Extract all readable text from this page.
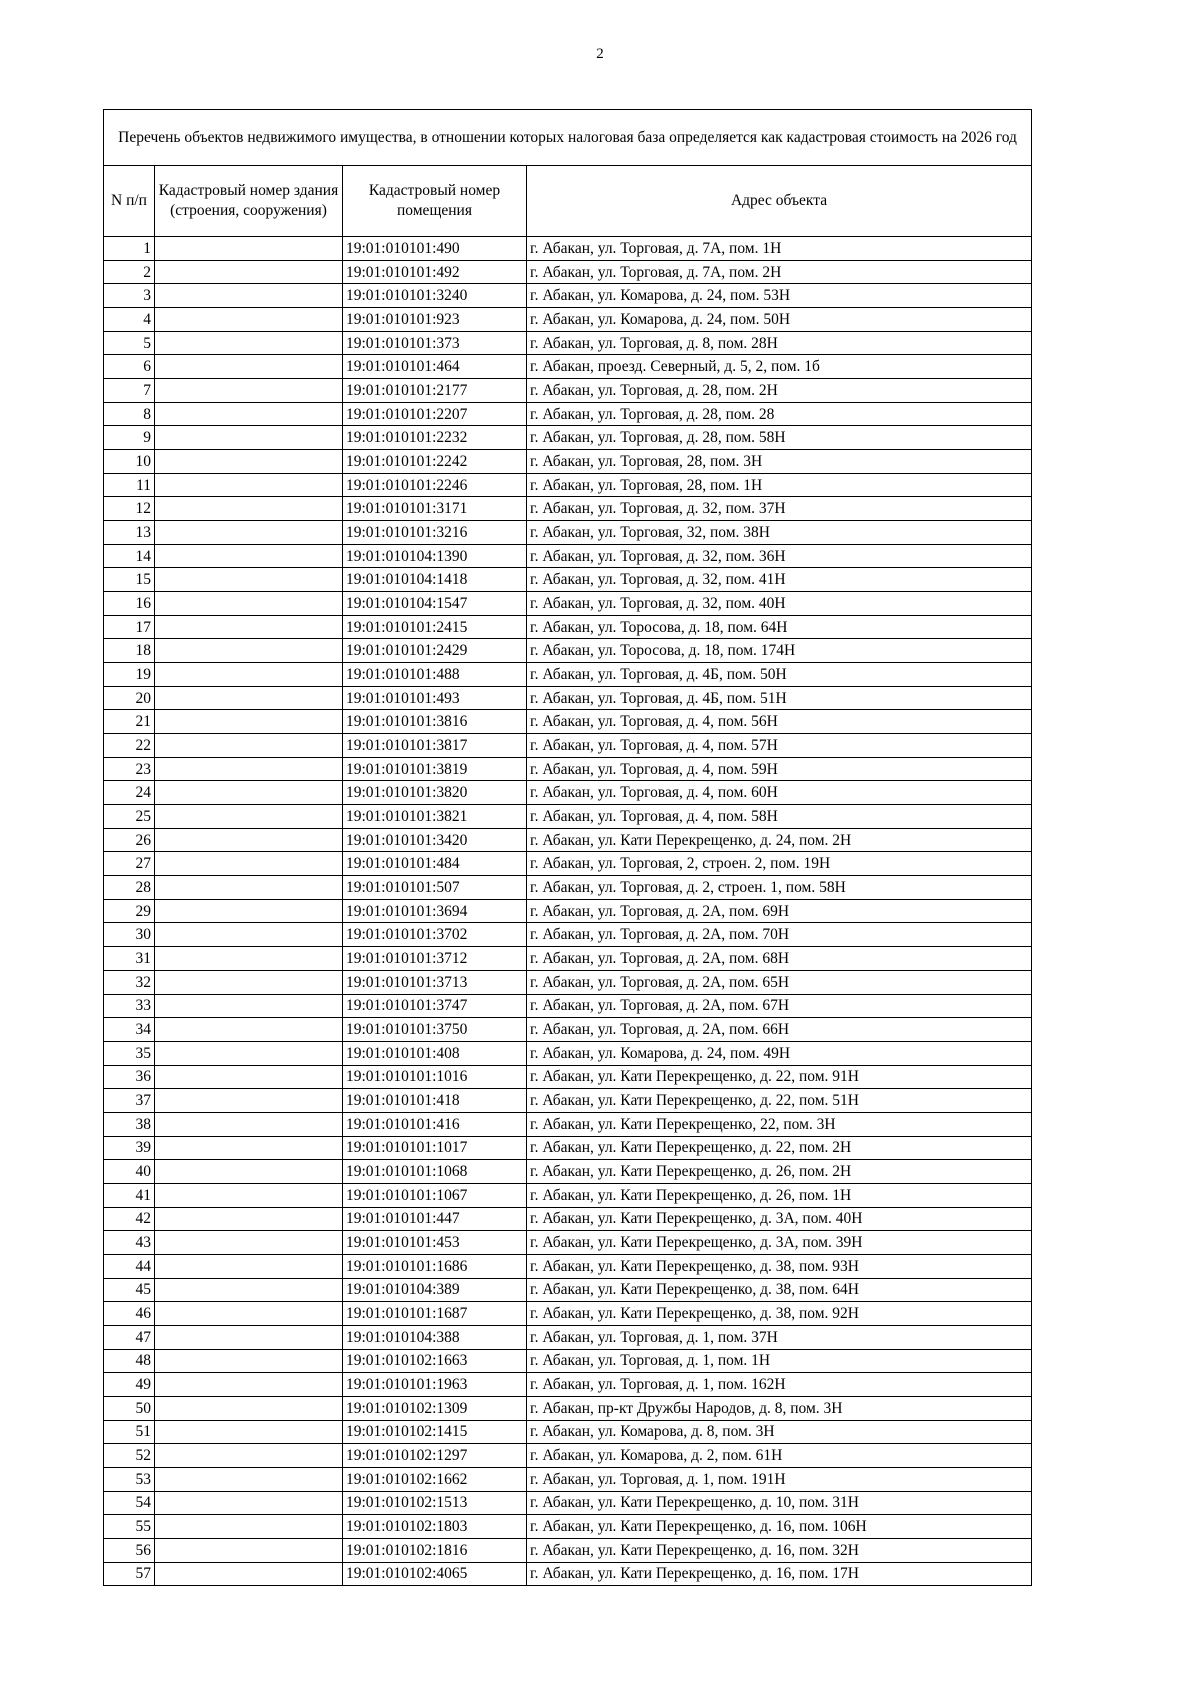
2
Перечень объектов недвижимого имущества, в отношении которых налоговая база определяется как кадастровая стоимость на 2026 год			
N п/п	Кадастровый номер здания (строения, сооружения)	Кадастровый номер помещения	Адрес объекта
1		19:01:010101:490	г. Абакан, ул. Торговая, д. 7А, пом. 1Н
2		19:01:010101:492	г. Абакан, ул. Торговая, д. 7А, пом. 2Н
3		19:01:010101:3240	г. Абакан, ул. Комарова, д. 24, пом. 53Н
4		19:01:010101:923	г. Абакан, ул. Комарова, д. 24, пом. 50Н
5		19:01:010101:373	г. Абакан, ул. Торговая, д. 8, пом. 28Н
6		19:01:010101:464	г. Абакан, проезд. Северный, д. 5, 2, пом. 1б
7		19:01:010101:2177	г. Абакан, ул. Торговая, д. 28, пом. 2Н
8		19:01:010101:2207	г. Абакан, ул. Торговая, д. 28, пом. 28
9		19:01:010101:2232	г. Абакан, ул. Торговая, д. 28, пом. 58Н
10		19:01:010101:2242	г. Абакан, ул. Торговая, 28, пом. 3Н
11		19:01:010101:2246	г. Абакан, ул. Торговая, 28, пом. 1Н
12		19:01:010101:3171	г. Абакан, ул. Торговая, д. 32, пом. 37Н
13		19:01:010101:3216	г. Абакан, ул. Торговая, 32, пом. 38Н
14		19:01:010104:1390	г. Абакан, ул. Торговая, д. 32, пом. 36Н
15		19:01:010104:1418	г. Абакан, ул. Торговая, д. 32, пом. 41Н
16		19:01:010104:1547	г. Абакан, ул. Торговая, д. 32, пом. 40Н
17		19:01:010101:2415	г. Абакан, ул. Торосова, д. 18, пом. 64Н
18		19:01:010101:2429	г. Абакан, ул. Торосова, д. 18, пом. 174Н
19		19:01:010101:488	г. Абакан, ул. Торговая, д. 4Б, пом. 50Н
20		19:01:010101:493	г. Абакан, ул. Торговая, д. 4Б, пом. 51Н
21		19:01:010101:3816	г. Абакан, ул. Торговая, д. 4, пом. 56Н
22		19:01:010101:3817	г. Абакан, ул. Торговая, д. 4, пом. 57Н
23		19:01:010101:3819	г. Абакан, ул. Торговая, д. 4, пом. 59Н
24		19:01:010101:3820	г. Абакан, ул. Торговая, д. 4, пом. 60Н
25		19:01:010101:3821	г. Абакан, ул. Торговая, д. 4, пом. 58Н
26		19:01:010101:3420	г. Абакан, ул. Кати Перекрещенко, д. 24, пом. 2Н
27		19:01:010101:484	г. Абакан, ул. Торговая, 2, строен. 2, пом. 19Н
28		19:01:010101:507	г. Абакан, ул. Торговая, д. 2, строен. 1, пом. 58Н
29		19:01:010101:3694	г. Абакан, ул. Торговая, д. 2А, пом. 69Н
30		19:01:010101:3702	г. Абакан, ул. Торговая, д. 2А, пом. 70Н
31		19:01:010101:3712	г. Абакан, ул. Торговая, д. 2А, пом. 68Н
32		19:01:010101:3713	г. Абакан, ул. Торговая, д. 2А, пом. 65Н
33		19:01:010101:3747	г. Абакан, ул. Торговая, д. 2А, пом. 67Н
34		19:01:010101:3750	г. Абакан, ул. Торговая, д. 2А, пом. 66Н
35		19:01:010101:408	г. Абакан, ул. Комарова, д. 24, пом. 49Н
36		19:01:010101:1016	г. Абакан, ул. Кати Перекрещенко, д. 22, пом. 91Н
37		19:01:010101:418	г. Абакан, ул. Кати Перекрещенко, д. 22, пом. 51Н
38		19:01:010101:416	г. Абакан, ул. Кати Перекрещенко, 22, пом. 3Н
39		19:01:010101:1017	г. Абакан, ул. Кати Перекрещенко, д. 22, пом. 2Н
40		19:01:010101:1068	г. Абакан, ул. Кати Перекрещенко, д. 26, пом. 2Н
41		19:01:010101:1067	г. Абакан, ул. Кати Перекрещенко, д. 26, пом. 1Н
42		19:01:010101:447	г. Абакан, ул. Кати Перекрещенко, д. 3А, пом. 40Н
43		19:01:010101:453	г. Абакан, ул. Кати Перекрещенко, д. 3А, пом. 39Н
44		19:01:010101:1686	г. Абакан, ул. Кати Перекрещенко, д. 38, пом. 93Н
45		19:01:010104:389	г. Абакан, ул. Кати Перекрещенко, д. 38, пом. 64Н
46		19:01:010101:1687	г. Абакан, ул. Кати Перекрещенко, д. 38, пом. 92Н
47		19:01:010104:388	г. Абакан, ул. Торговая, д. 1, пом. 37Н
48		19:01:010102:1663	г. Абакан, ул. Торговая, д. 1, пом. 1Н
49		19:01:010101:1963	г. Абакан, ул. Торговая, д. 1, пом. 162Н
50		19:01:010102:1309	г. Абакан, пр-кт Дружбы Народов, д. 8, пом. 3Н
51		19:01:010102:1415	г. Абакан, ул. Комарова, д. 8, пом. 3Н
52		19:01:010102:1297	г. Абакан, ул. Комарова, д. 2, пом. 61Н
53		19:01:010102:1662	г. Абакан, ул. Торговая, д. 1, пом. 191Н
54		19:01:010102:1513	г. Абакан, ул. Кати Перекрещенко, д. 10, пом. 31Н
55		19:01:010102:1803	г. Абакан, ул. Кати Перекрещенко, д. 16, пом. 106Н
56		19:01:010102:1816	г. Абакан, ул. Кати Перекрещенко, д. 16, пом. 32Н
57		19:01:010102:4065	г. Абакан, ул. Кати Перекрещенко, д. 16, пом. 17Н
